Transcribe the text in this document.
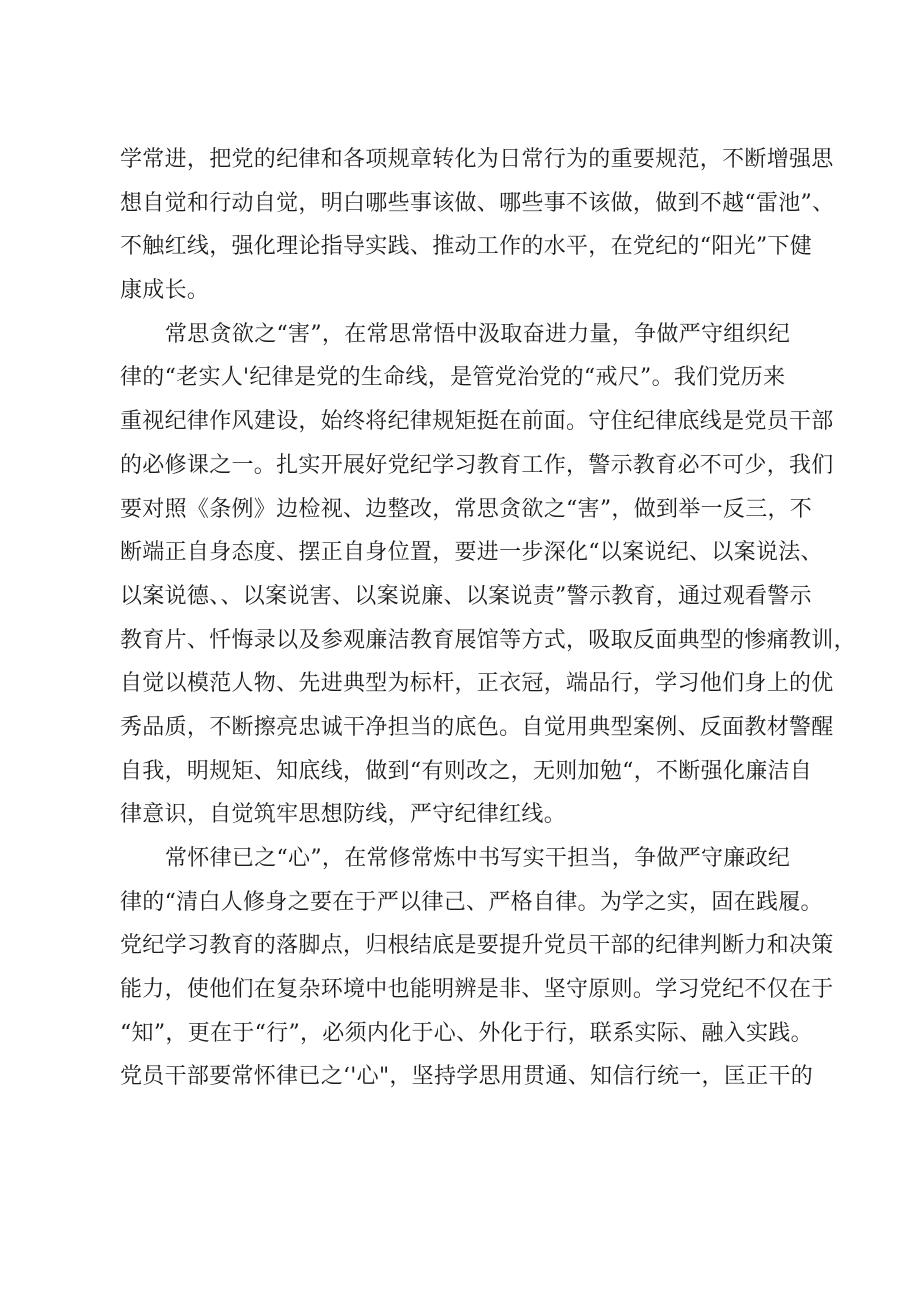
学常进，把党的纪律和各项规章转化为日常行为的重要规范，不断增强思
想自觉和行动自觉，明白哪些事该做、哪些事不该做，做到不越“雷池”、
不触红线，强化理论指导实践、推动工作的水平，在党纪的“阳光”下健
康成长。
常思贪欲之“害”，在常思常悟中汲取奋进力量，争做严守组织纪
律的“老实人'纪律是党的生命线，是管党治党的“戒尺”。我们党历来
重视纪律作风建设，始终将纪律规矩挺在前面。守住纪律底线是党员干部
的必修课之一。扎实开展好党纪学习教育工作，警示教育必不可少，我们
要对照《条例》边检视、边整改，常思贪欲之“害”，做到举一反三，不
断端正自身态度、摆正自身位置，要进一步深化“以案说纪、以案说法、
以案说德、、以案说害、以案说廉、以案说责”警示教育，通过观看警示
教育片、忏悔录以及参观廉洁教育展馆等方式，吸取反面典型的惨痛教训，
自觉以模范人物、先进典型为标杆，正衣冠，端品行，学习他们身上的优
秀品质，不断擦亮忠诚干净担当的底色。自觉用典型案例、反面教材警醒
自我，明规矩、知底线，做到“有则改之，无则加勉“，不断强化廉洁自
律意识，自觉筑牢思想防线，严守纪律红线。
常怀律已之“心”，在常修常炼中书写实干担当，争做严守廉政纪
律的“清白人修身之要在于严以律己、严格自律。为学之实，固在践履。
党纪学习教育的落脚点，归根结底是要提升党员干部的纪律判断力和决策
能力，使他们在复杂环境中也能明辨是非、坚守原则。学习党纪不仅在于
“知”，更在于“行”，必须内化于心、外化于行，联系实际、融入实践。
党员干部要常怀律已之‘'心"，坚持学思用贯通、知信行统一，匡正干的
